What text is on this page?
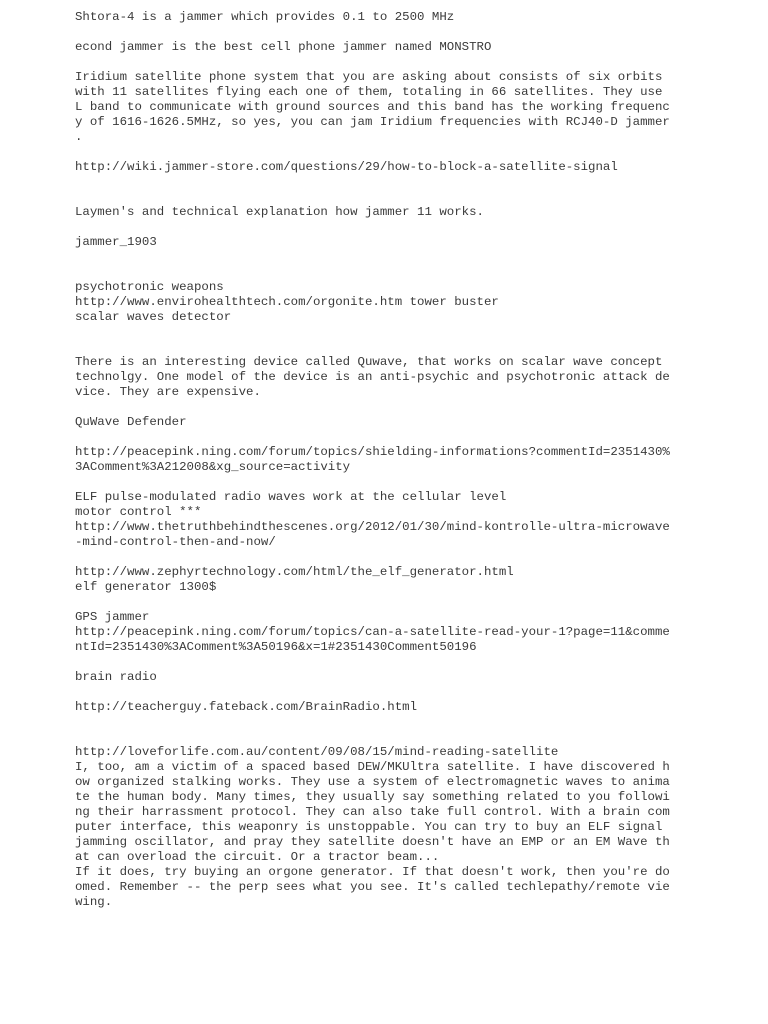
Shtora-4 is a jammer which provides 0.1 to 2500 MHz
econd jammer is the best cell phone jammer named MONSTRO
Iridium satellite phone system that you are asking about consists of six orbits
with 11 satellites flying each one of them, totaling in 66 satellites. They use
L band to communicate with ground sources and this band has the working frequenc
y of 1616-1626.5MHz, so yes, you can jam Iridium frequencies with RCJ40-D jammer
.
http://wiki.jammer-store.com/questions/29/how-to-block-a-satellite-signal
Laymen's and technical explanation how jammer 11 works.
jammer_1903
psychotronic weapons
http://www.envirohealthtech.com/orgonite.htm tower buster
scalar waves detector
There is an interesting device called Quwave, that works on scalar wave concept
technolgy. One model of the device is an anti-psychic and psychotronic attack de
vice. They are expensive.
QuWave Defender
http://peacepink.ning.com/forum/topics/shielding-informations?commentId=2351430%
3AComment%3A212008&xg_source=activity
ELF pulse-modulated radio waves work at the cellular level
motor control ***
http://www.thetruthbehindthescenes.org/2012/01/30/mind-kontrolle-ultra-microwave
-mind-control-then-and-now/
http://www.zephyrtechnology.com/html/the_elf_generator.html
elf generator 1300$
GPS jammer
http://peacepink.ning.com/forum/topics/can-a-satellite-read-your-1?page=11&comme
ntId=2351430%3AComment%3A50196&x=1#2351430Comment50196
brain radio
http://teacherguy.fateback.com/BrainRadio.html
http://loveforlife.com.au/content/09/08/15/mind-reading-satellite
I, too, am a victim of a spaced based DEW/MKUltra satellite. I have discovered h
ow organized stalking works. They use a system of electromagnetic waves to anima
te the human body. Many times, they usually say something related to you followi
ng their harrassment protocol. They can also take full control. With a brain com
puter interface, this weaponry is unstoppable. You can try to buy an ELF signal
jamming oscillator, and pray they satellite doesn't have an EMP or an EM Wave th
at can overload the circuit. Or a tractor beam...
If it does, try buying an orgone generator. If that doesn't work, then you're do
omed. Remember -- the perp sees what you see. It's called techlepathy/remote vie
wing.
